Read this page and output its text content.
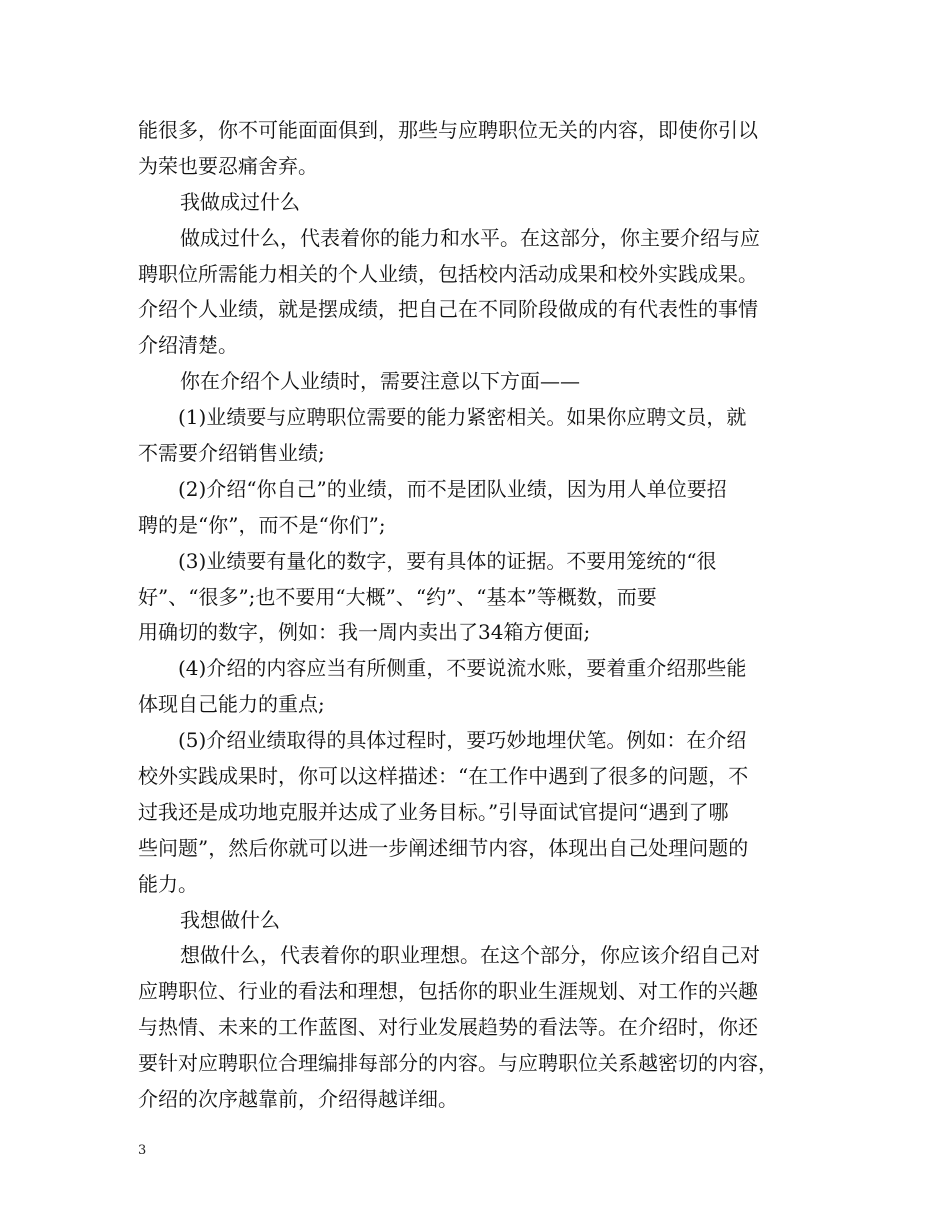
能很多，你不可能面面俱到，那些与应聘职位无关的内容，即使你引以
为荣也要忍痛舍弃。
我做成过什么
做成过什么，代表着你的能力和水平。在这部分，你主要介绍与应
聘职位所需能力相关的个人业绩，包括校内活动成果和校外实践成果。
介绍个人业绩，就是摆成绩，把自己在不同阶段做成的有代表性的事情
介绍清楚。
你在介绍个人业绩时，需要注意以下方面——
(1)业绩要与应聘职位需要的能力紧密相关。如果你应聘文员，就
不需要介绍销售业绩;
(2)介绍“你自己”的业绩，而不是团队业绩，因为用人单位要招
聘的是“你”，而不是“你们”;
(3)业绩要有量化的数字，要有具体的证据。不要用笼统的“很
好”、“很多”;也不要用“大概”、“约”、“基本”等概数，而要
用确切的数字，例如：我一周内卖出了34箱方便面;
(4)介绍的内容应当有所侧重，不要说流水账，要着重介绍那些能
体现自己能力的重点;
(5)介绍业绩取得的具体过程时，要巧妙地埋伏笔。例如：在介绍
校外实践成果时，你可以这样描述：“在工作中遇到了很多的问题，不
过我还是成功地克服并达成了业务目标。”引导面试官提问“遇到了哪
些问题”，然后你就可以进一步阐述细节内容，体现出自己处理问题的
能力。
我想做什么
想做什么，代表着你的职业理想。在这个部分，你应该介绍自己对
应聘职位、行业的看法和理想，包括你的职业生涯规划、对工作的兴趣
与热情、未来的工作蓝图、对行业发展趋势的看法等。在介绍时，你还
要针对应聘职位合理编排每部分的内容。与应聘职位关系越密切的内容，
介绍的次序越靠前，介绍得越详细。
3
